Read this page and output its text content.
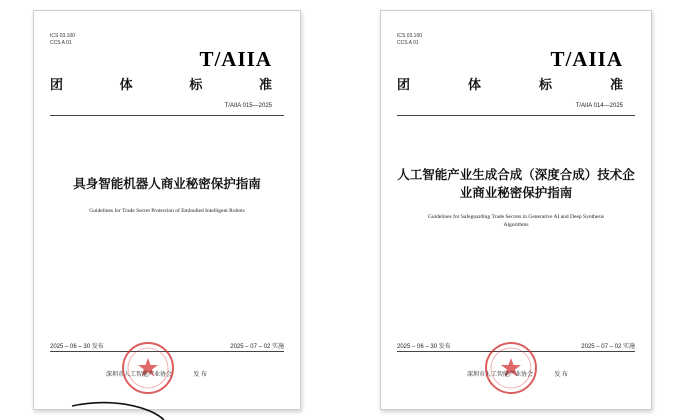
ICS 03.100
CCS A 01
T/AIIA
团	体	标	准
T/AIIA 015—2025
具身智能机器人商业秘密保护指南
Guidelines for Trade Secret Protection of Embodied Intelligent Robots
2025 – 06 – 30 发布	2025 – 07 – 02 实施
深圳市人工智能产业协会	发 布
ICS 03.100
CCS A 01
T/AIIA
团	体	标	准
T/AIIA 014—2025
人工智能产业生成合成（深度合成）技术企
业商业秘密保护指南
Guidelines for Safeguarding Trade Secrets in Generative AI and Deep Synthesis
Algorithms
2025 – 06 – 30 发布	2025 – 07 – 02 实施
深圳市人工智能产业协会	发 布
